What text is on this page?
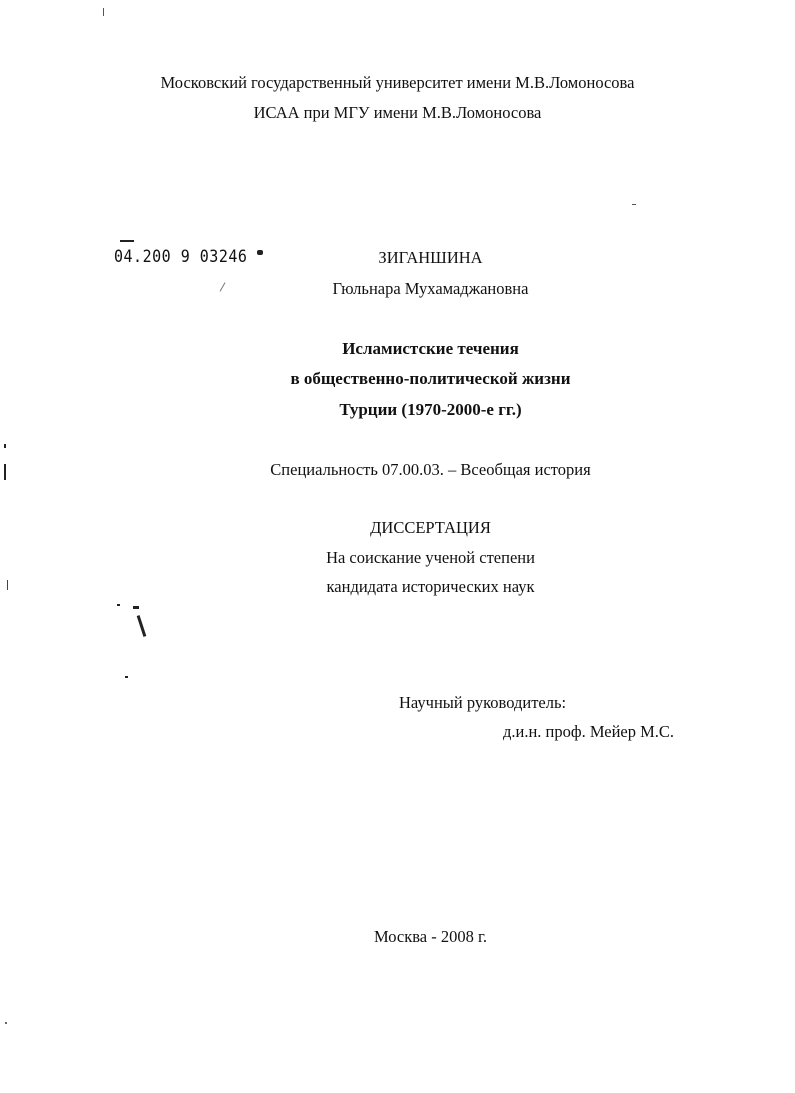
Московский государственный университет имени М.В.Ломоносова
ИСАА при МГУ имени М.В.Ломоносова
04.200 9 03246	ЗИГАНШИНА
Гюльнара Мухамаджановна
Исламистские течения
в общественно-политической жизни
Турции (1970-2000-е гг.)
Специальность 07.00.03. – Всеобщая история
ДИССЕРТАЦИЯ
На соискание ученой степени
кандидата исторических наук
Научный руководитель:
д.и.н. проф. Мейер М.С.
Москва - 2008 г.
